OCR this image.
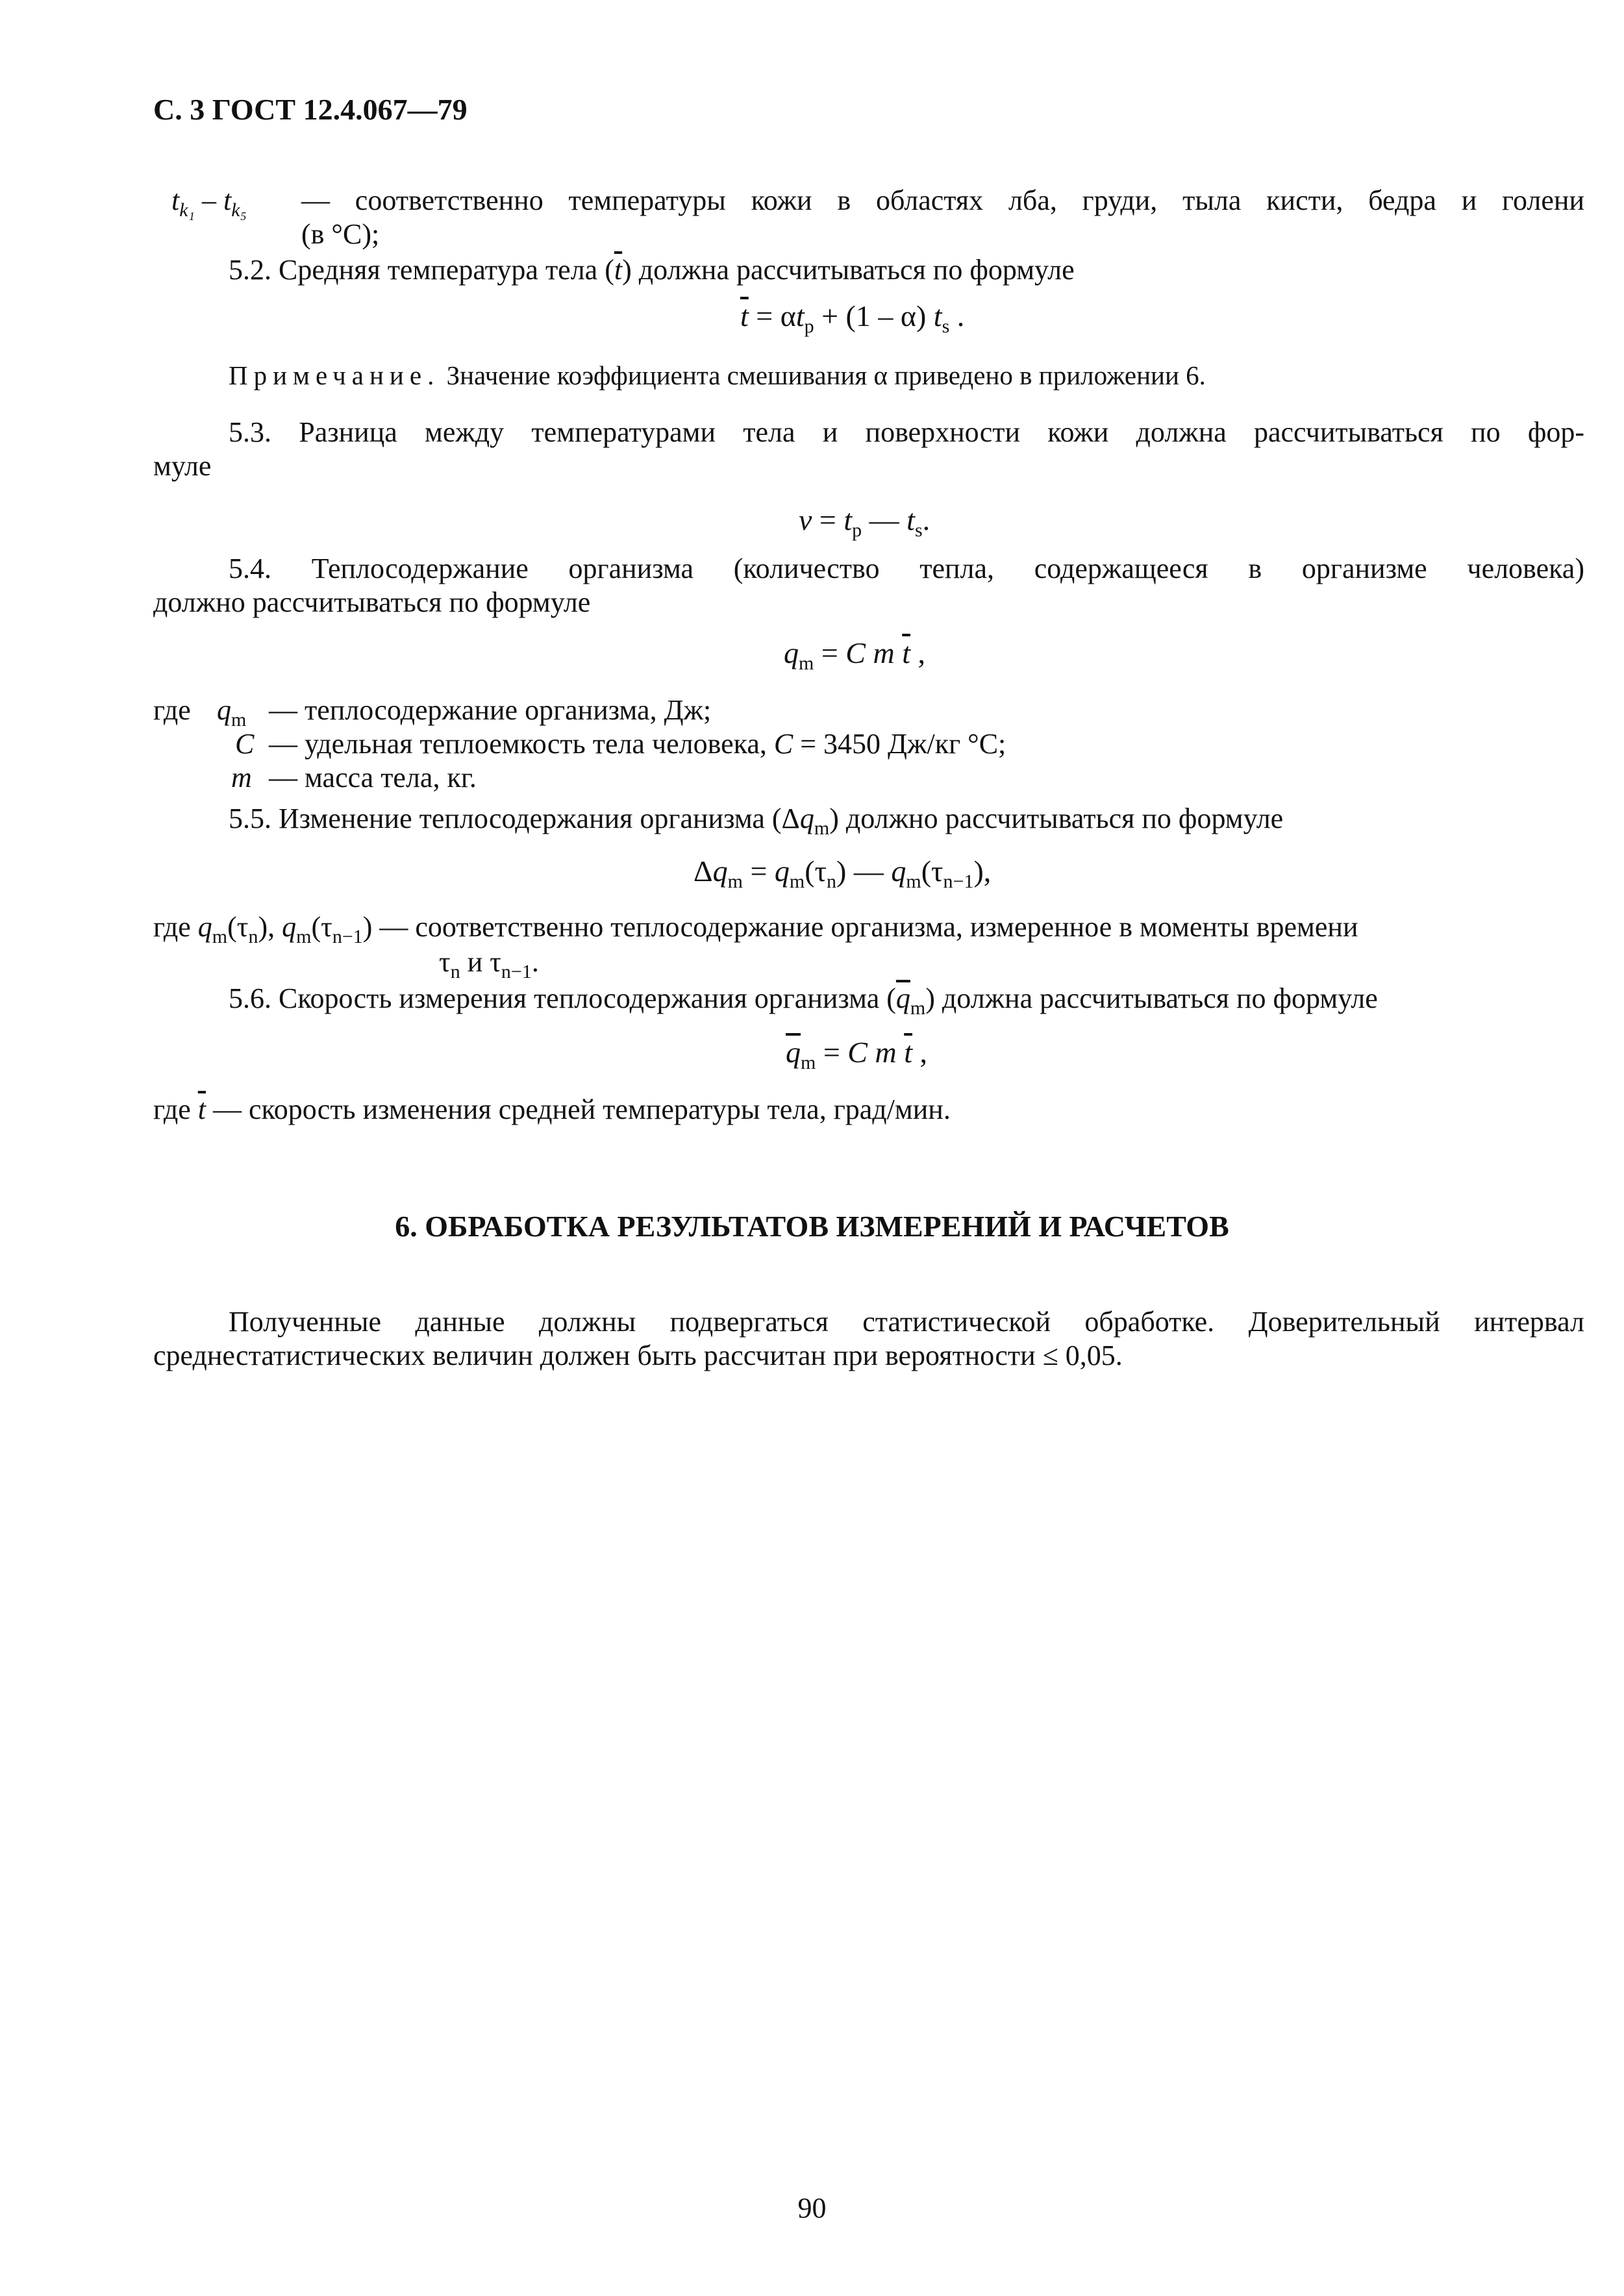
С. 3 ГОСТ 12.4.067—79
$t_{k_1} - t_{k_5}$ — соответственно температуры кожи в областях лба, груди, тыла кисти, бедра и голени
(в °С);
5.2. Средняя температура тела $(\overline{t})$ должна рассчитываться по формуле
$\overline{t} = \alpha t_p + (1 - \alpha)$ $t_s$ .
Примечание. Значение коэффициента смешивания α приведено в приложении 6.
5.3. Разница между температурами тела и поверхности кожи должна рассчитываться по фор-
муле
$v = t_p$ — $t_s$.
5.4. Теплосодержание организма (количество тепла, содержащееся в организме человека)
должно рассчитываться по формуле
$q_m = C$ m $\overline{t}$ ,
где $q_m$ — теплосодержание организма, Дж;
C — удельная теплоемкость тела человека, C = 3450 Дж/кг °С;
m — масса тела, кг.
5.5. Изменение теплосодержания организма $(\Delta q_m)$ должно рассчитываться по формуле
$\Delta q_m = q_m(\tau_n)$ — $q_m(\tau_{n-1})$,
где $q_m(\tau_n)$, $q_m(\tau_{n-1})$ — соответственно теплосодержание организма, измеренное в моменты времени
$\tau_n$ и $\tau_{n-1}$.
5.6. Скорость измерения теплосодержания организма $(\overline{q}_m)$ должна рассчитываться по формуле
$\overline{q}_m = C$ m $\overline{t}$ ,
где $\overline{t}$ — скорость изменения средней температуры тела, град/мин.
6. ОБРАБОТКА РЕЗУЛЬТАТОВ ИЗМЕРЕНИЙ И РАСЧЕТОВ
Полученные данные должны подвергаться статистической обработке. Доверительный интервал
среднестатистических величин должен быть рассчитан при вероятности ≤ 0,05.
90
